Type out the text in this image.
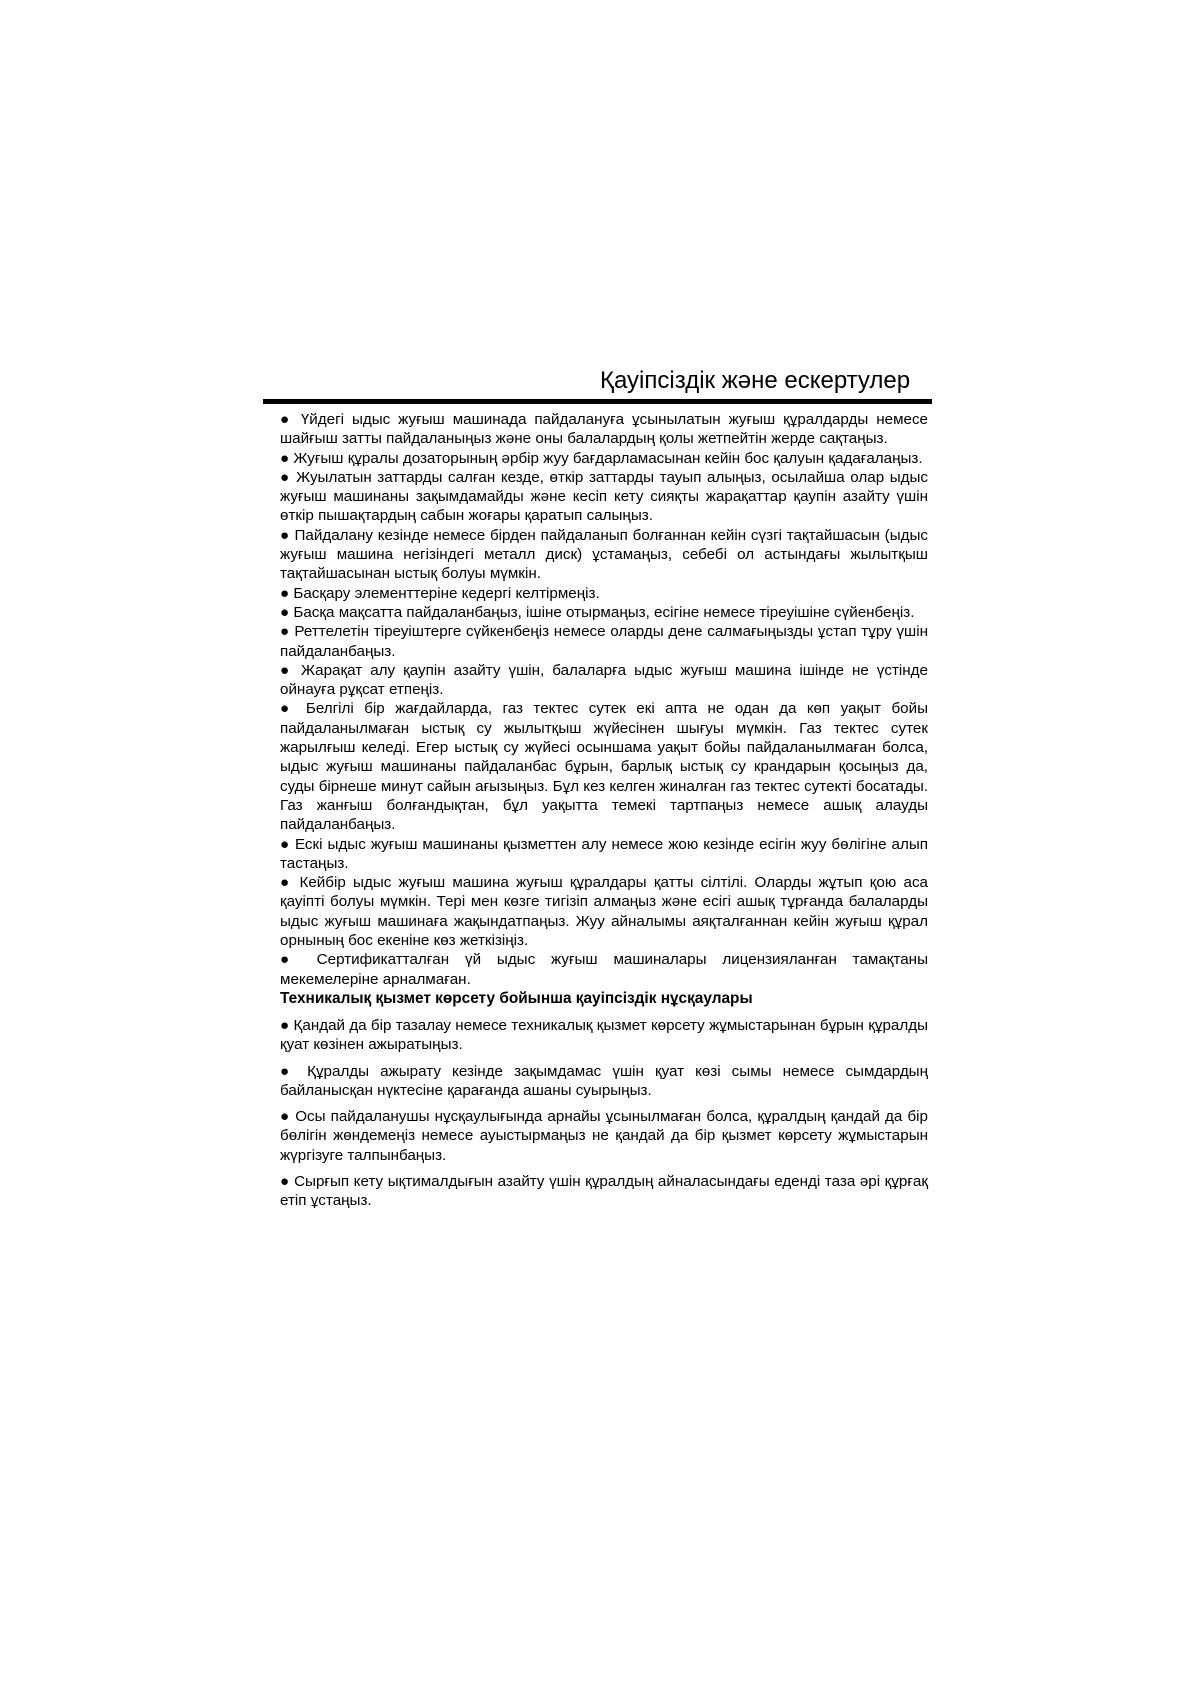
Қауіпсіздік және ескертулер

● Үйдегі ыдыс жуғыш машинада пайдалануға ұсынылатын жуғыш құралдарды немесе шайғыш затты пайдаланыңыз және оны балалардың қолы жетпейтін жерде сақтаңыз.

● Жуғыш құралы дозаторының әрбір жуу бағдарламасынан кейін бос қалуын қадағалаңыз.

● Жуылатын заттарды салған кезде, өткір заттарды тауып алыңыз, осылайша олар ыдыс жуғыш машинаны зақымдамайды және кесіп кету сияқты жарақаттар қаупін азайту үшін өткір пышақтардың сабын жоғары қаратып салыңыз.

● Пайдалану кезінде немесе бірден пайдаланып болғаннан кейін сүзгі тақтайшасын (ыдыс жуғыш машина негізіндегі металл диск) ұстамаңыз, себебі ол астындағы жылытқыш тақтайшасынан ыстық болуы мүмкін.

● Басқару элементтеріне кедергі келтірмеңіз.

● Басқа мақсатта пайдаланбаңыз, ішіне отырмаңыз, есігіне немесе тіреуішіне сүйенбеңіз.

● Реттелетін тіреуіштерге сүйкенбеңіз немесе оларды дене салмағыңызды ұстап тұру үшін пайдаланбаңыз.

● Жарақат алу қаупін азайту үшін, балаларға ыдыс жуғыш машина ішінде не үстінде ойнауға рұқсат етпеңіз.

● Белгілі бір жағдайларда, газ тектес сутек екі апта не одан да көп уақыт бойы пайдаланылмаған ыстық су жылытқыш жүйесінен шығуы мүмкін. Газ тектес сутек жарылғыш келеді. Егер ыстық су жүйесі осыншама уақыт бойы пайдаланылмаған болса, ыдыс жуғыш машинаны пайдаланбас бұрын, барлық ыстық су крандарын қосыңыз да, суды бірнеше минут сайын ағызыңыз. Бұл кез келген жиналған газ тектес сутекті босатады. Газ жанғыш болғандықтан, бұл уақытта темекі тартпаңыз немесе ашық алауды пайдаланбаңыз.

● Ескі ыдыс жуғыш машинаны қызметтен алу немесе жою кезінде есігін жуу бөлігіне алып тастаңыз.

● Кейбір ыдыс жуғыш машина жуғыш құралдары қатты сілтілі. Оларды жұтып қою аса қауіпті болуы мүмкін. Тері мен көзге тигізіп алмаңыз және есігі ашық тұрғанда балаларды ыдыс жуғыш машинаға жақындатпаңыз. Жуу айналымы аяқталғаннан кейін жуғыш құрал орнының бос екеніне көз жеткізіңіз.

● Сертификатталған үй ыдыс жуғыш машиналары лицензияланған тамақтаны мекемелеріне арналмаған.

Техникалық қызмет көрсету бойынша қауіпсіздік нұсқаулары

● Қандай да бір тазалау немесе техникалық қызмет көрсету жұмыстарынан бұрын құралды қуат көзінен ажыратыңыз.

● Құралды ажырату кезінде зақымдамас үшін қуат көзі сымы немесе сымдардың байланысқан нүктесіне қарағанда ашаны суырыңыз.

● Осы пайдаланушы нұсқаулығында арнайы ұсынылмаған болса, құралдың қандай да бір бөлігін жөндемеңіз немесе ауыстырмаңыз не қандай да бір қызмет көрсету жұмыстарын жүргізуге талпынбаңыз.

● Сырғып кету ықтималдығын азайту үшін құралдың айналасындағы еденді таза әрі құрғақ етіп ұстаңыз.
